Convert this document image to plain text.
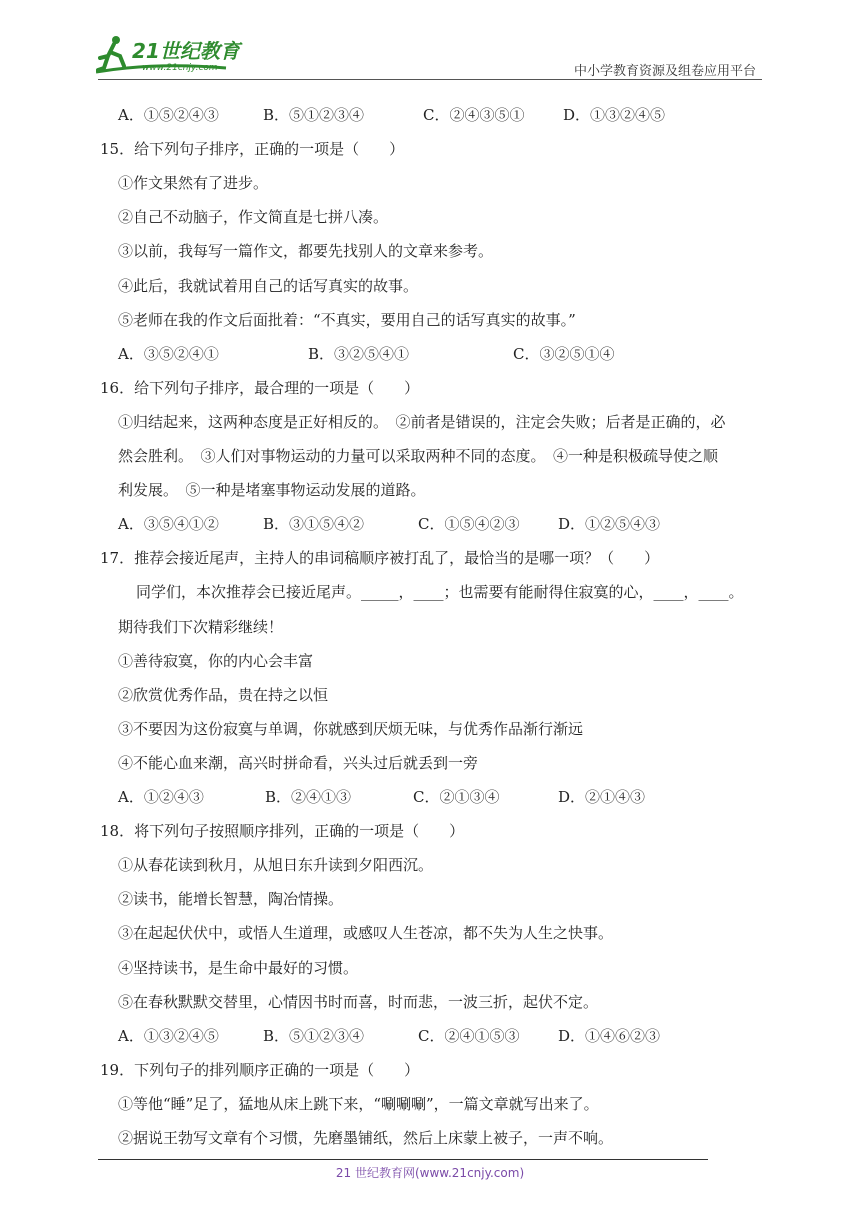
21世纪教育
www.21cnjy.com	中小学教育资源及组卷应用平台
A．①⑤②④③	B．⑤①②③④	C．②④③⑤①	D．①③②④⑤
15．给下列句子排序，正确的一项是（　　）
①作文果然有了进步。
②自己不动脑子，作文简直是七拼八凑。
③以前，我每写一篇作文，都要先找别人的文章来参考。
④此后，我就试着用自己的话写真实的故事。
⑤老师在我的作文后面批着：“不真实，要用自己的话写真实的故事。”
A．③⑤②④①	B．③②⑤④①	C．③②⑤①④
16．给下列句子排序，最合理的一项是（　　）
①归结起来，这两种态度是正好相反的。　②前者是错误的，注定会失败；后者是正确的，必
然会胜利。　③人们对事物运动的力量可以采取两种不同的态度。　④一种是积极疏导使之顺
利发展。　⑤一种是堵塞事物运动发展的道路。
A．③⑤④①②	B．③①⑤④②	C．①⑤④②③	D．①②⑤④③
17．推荐会接近尾声，主持人的串词稿顺序被打乱了，最恰当的是哪一项？（　　）
同学们，本次推荐会已接近尾声。_____，____；也需要有能耐得住寂寞的心，____，____。
期待我们下次精彩继续！
①善待寂寞，你的内心会丰富
②欣赏优秀作品，贵在持之以恒
③不要因为这份寂寞与单调，你就感到厌烦无味，与优秀作品渐行渐远
④不能心血来潮，高兴时拼命看，兴头过后就丢到一旁
A．①②④③	B．②④①③	C．②①③④	D．②①④③
18．将下列句子按照顺序排列，正确的一项是（　　）
①从春花读到秋月，从旭日东升读到夕阳西沉。
②读书，能增长智慧，陶冶情操。
③在起起伏伏中，或悟人生道理，或感叹人生苍凉，都不失为人生之快事。
④坚持读书，是生命中最好的习惯。
⑤在春秋默默交替里，心情因书时而喜，时而悲，一波三折，起伏不定。
A．①③②④⑤	B．⑤①②③④	C．②④①⑤③	D．①④⑥②③
19．下列句子的排列顺序正确的一项是（　　）
①等他“睡”足了，猛地从床上跳下来，“唰唰唰”，一篇文章就写出来了。
②据说王勃写文章有个习惯，先磨墨铺纸，然后上床蒙上被子，一声不响。
21 世纪教育网(www.21cnjy.com)
